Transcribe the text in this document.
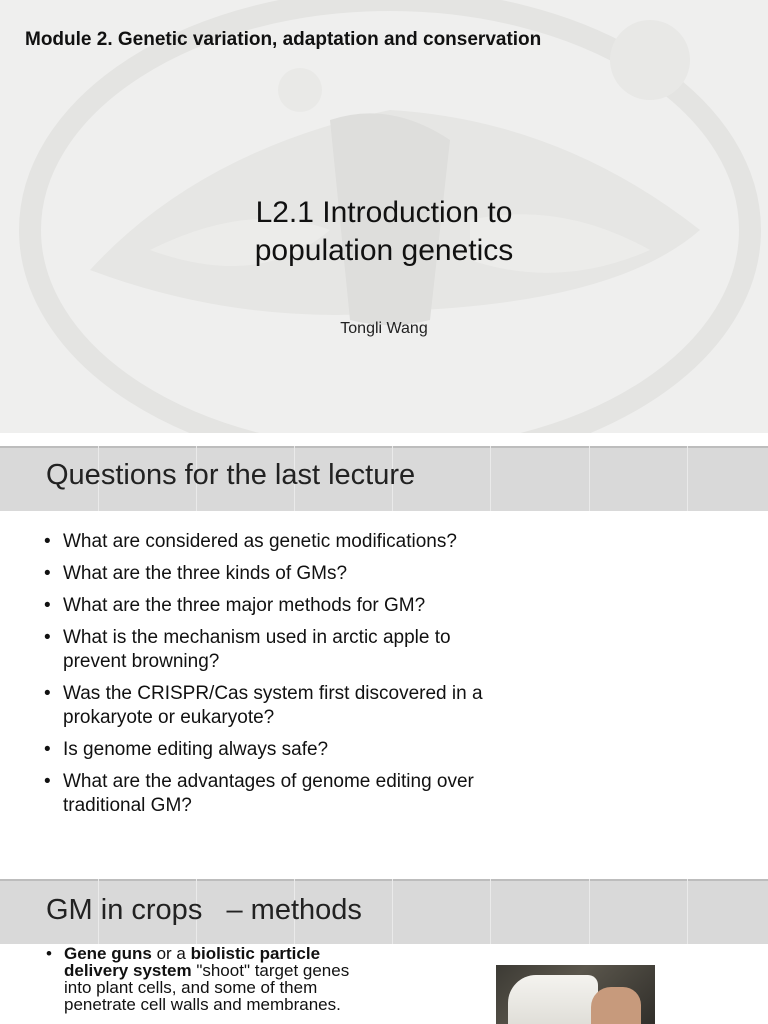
Module 2. Genetic variation, adaptation and conservation
L2.1 Introduction to
population genetics
Tongli Wang
Questions for the last lecture
• What are considered as genetic modifications?
• What are the three kinds of GMs?
• What are the three major methods for GM?
• What is the mechanism used in arctic apple to
prevent browning?
• Was the CRISPR/Cas system first discovered in a
prokaryote or eukaryote?
• Is genome editing always safe?
• What are the advantages of genome editing over
traditional GM?
GM in crops   – methods
• Gene guns or a biolistic particle
delivery system "shoot" target genes
into plant cells, and some of them
penetrate cell walls and membranes.
